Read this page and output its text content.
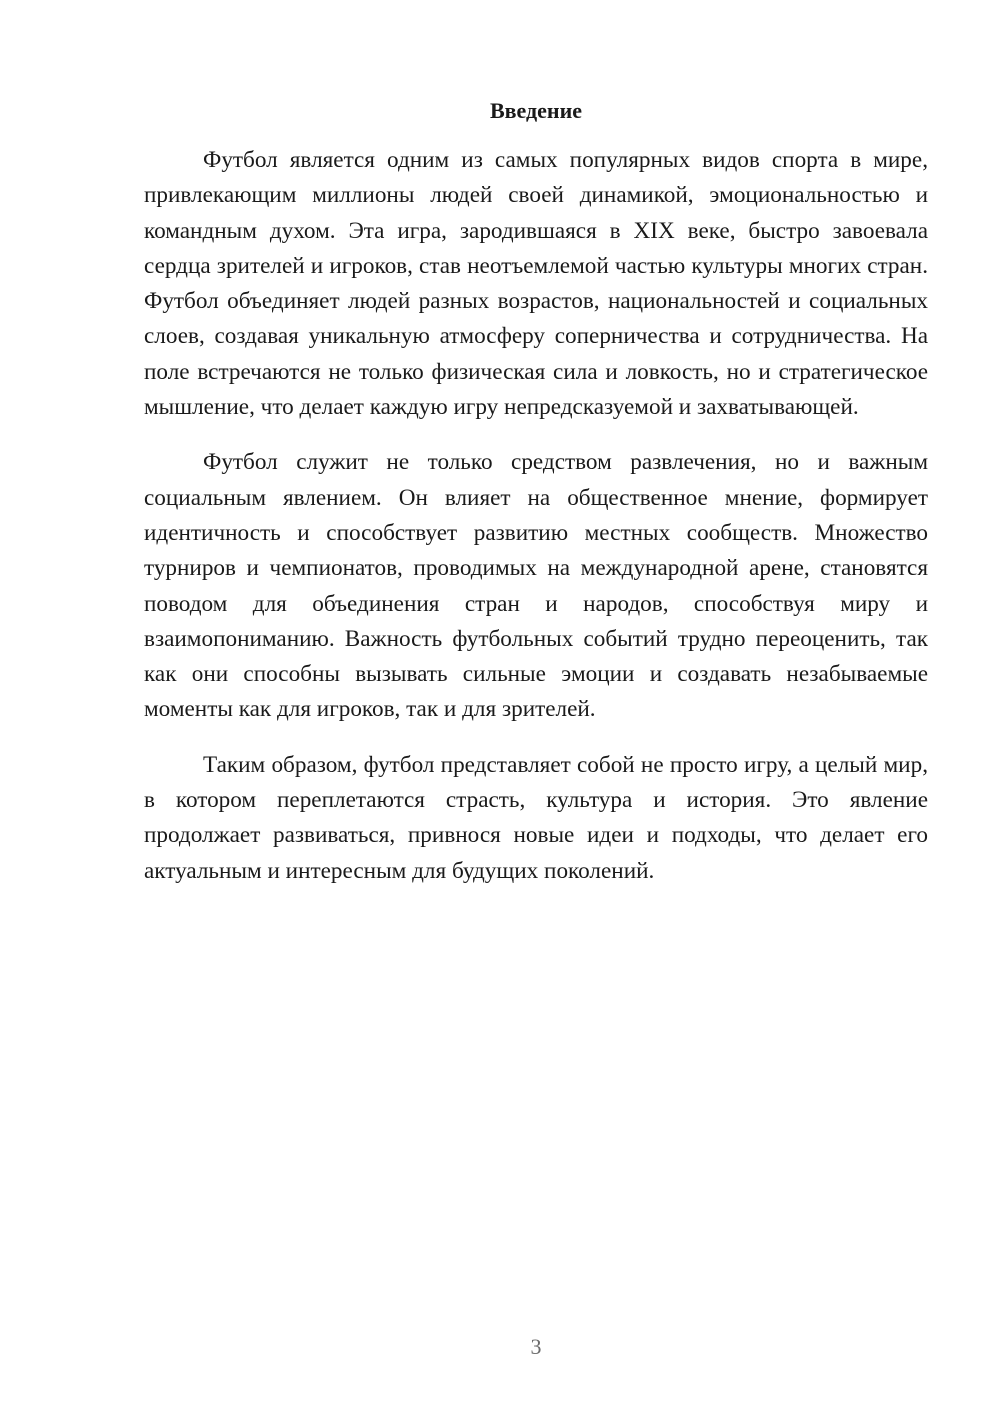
Введение

Футбол является одним из самых популярных видов спорта в мире, привлекающим миллионы людей своей динамикой, эмоциональностью и командным духом. Эта игра, зародившаяся в XIX веке, быстро завоевала сердца зрителей и игроков, став неотъемлемой частью культуры многих стран. Футбол объединяет людей разных возрастов, национальностей и социальных слоев, создавая уникальную атмосферу соперничества и сотрудничества. На поле встречаются не только физическая сила и ловкость, но и стратегическое мышление, что делает каждую игру непредсказуемой и захватывающей.

Футбол служит не только средством развлечения, но и важным социальным явлением. Он влияет на общественное мнение, формирует идентичность и способствует развитию местных сообществ. Множество турниров и чемпионатов, проводимых на международной арене, становятся поводом для объединения стран и народов, способствуя миру и взаимопониманию. Важность футбольных событий трудно переоценить, так как они способны вызывать сильные эмоции и создавать незабываемые моменты как для игроков, так и для зрителей.

Таким образом, футбол представляет собой не просто игру, а целый мир, в котором переплетаются страсть, культура и история. Это явление продолжает развиваться, привнося новые идеи и подходы, что делает его актуальным и интересным для будущих поколений.

3
